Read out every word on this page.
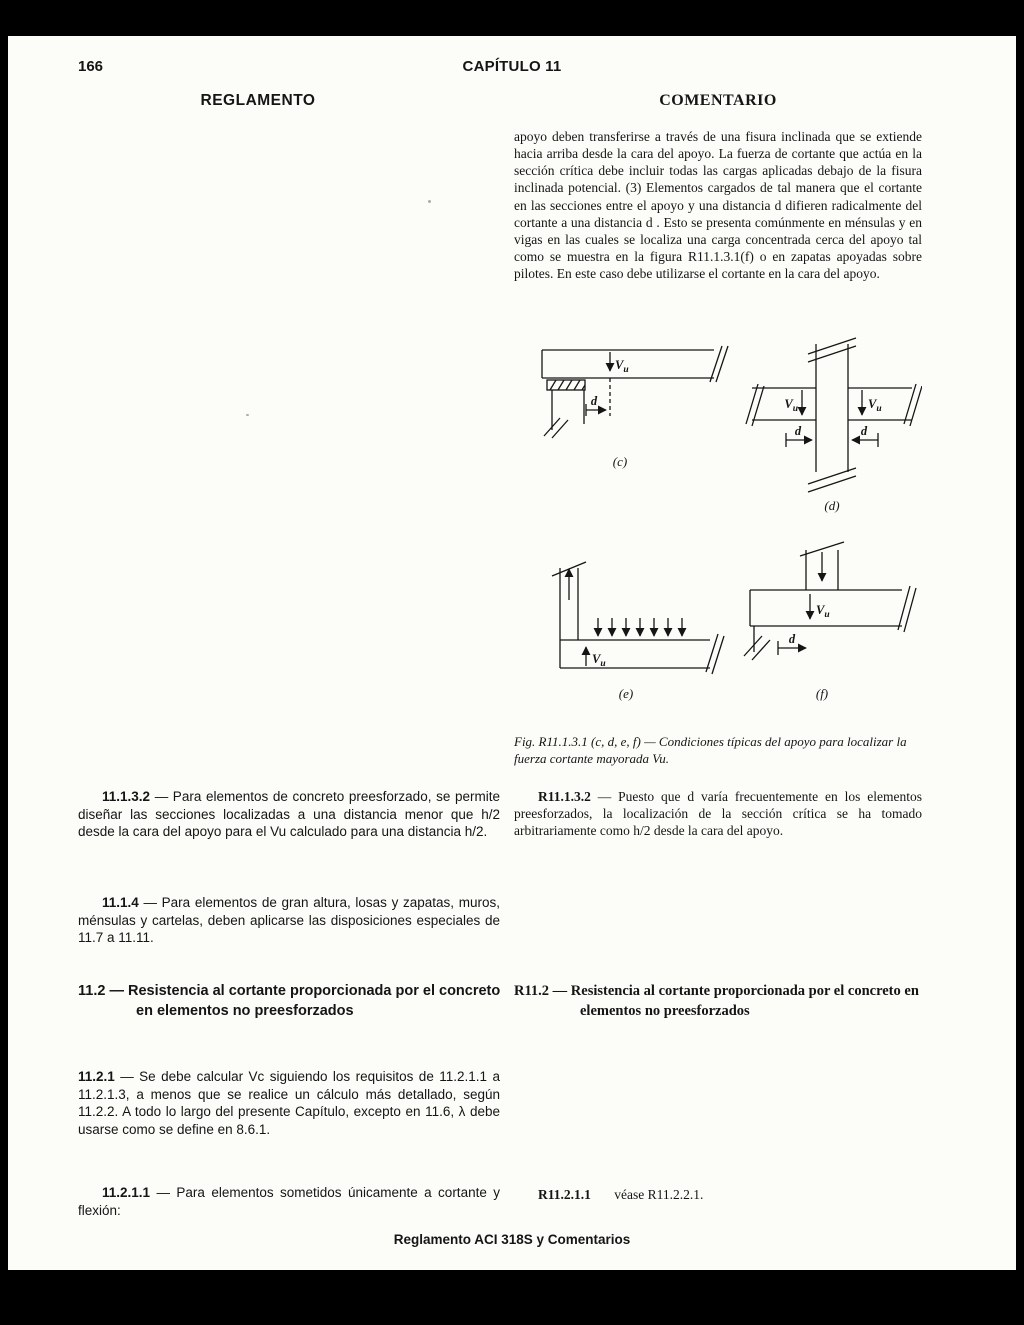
166	CAPÍTULO 11
REGLAMENTO	COMENTARIO

apoyo deben transferirse a través de una fisura inclinada que se extiende hacia arriba desde la cara del apoyo. La fuerza de cortante que actúa en la sección crítica debe incluir todas las cargas aplicadas debajo de la fisura inclinada potencial. (3) Elementos cargados de tal manera que el cortante en las secciones entre el apoyo y una distancia d difieren radicalmente del cortante a una distancia d . Esto se presenta comúnmente en ménsulas y en vigas en las cuales se localiza una carga concentrada cerca del apoyo tal como se muestra en la figura R11.1.3.1(f) o en zapatas apoyadas sobre pilotes. En este caso debe utilizarse el cortante en la cara del apoyo.

$V_u$
d
(c)
$V_u$	$V_u$
d	d
(d)
$V_u$
(e)
$V_u$
d
(f)

Fig. R11.1.3.1 (c, d, e, f) — Condiciones típicas del apoyo para localizar la fuerza cortante mayorada Vu.

11.1.3.2 — Para elementos de concreto preesforzado, se permite diseñar las secciones localizadas a una distancia menor que h/2 desde la cara del apoyo para el Vu calculado para una distancia h/2.

11.1.4 — Para elementos de gran altura, losas y zapatas, muros, ménsulas y cartelas, deben aplicarse las disposiciones especiales de 11.7 a 11.11.

11.2 — Resistencia al cortante proporcionada por el concreto en elementos no preesforzados

11.2.1 — Se debe calcular Vc siguiendo los requisitos de 11.2.1.1 a 11.2.1.3, a menos que se realice un cálculo más detallado, según 11.2.2. A todo lo largo del presente Capítulo, excepto en 11.6, λ debe usarse como se define en 8.6.1.

11.2.1.1 — Para elementos sometidos únicamente a cortante y flexión:

R11.1.3.2 — Puesto que d varía frecuentemente en los elementos preesforzados, la localización de la sección crítica se ha tomado arbitrariamente como h/2 desde la cara del apoyo.

R11.2 — Resistencia al cortante proporcionada por el concreto en elementos no preesforzados

R11.2.1.1 véase R11.2.2.1.

Reglamento ACI 318S y Comentarios
